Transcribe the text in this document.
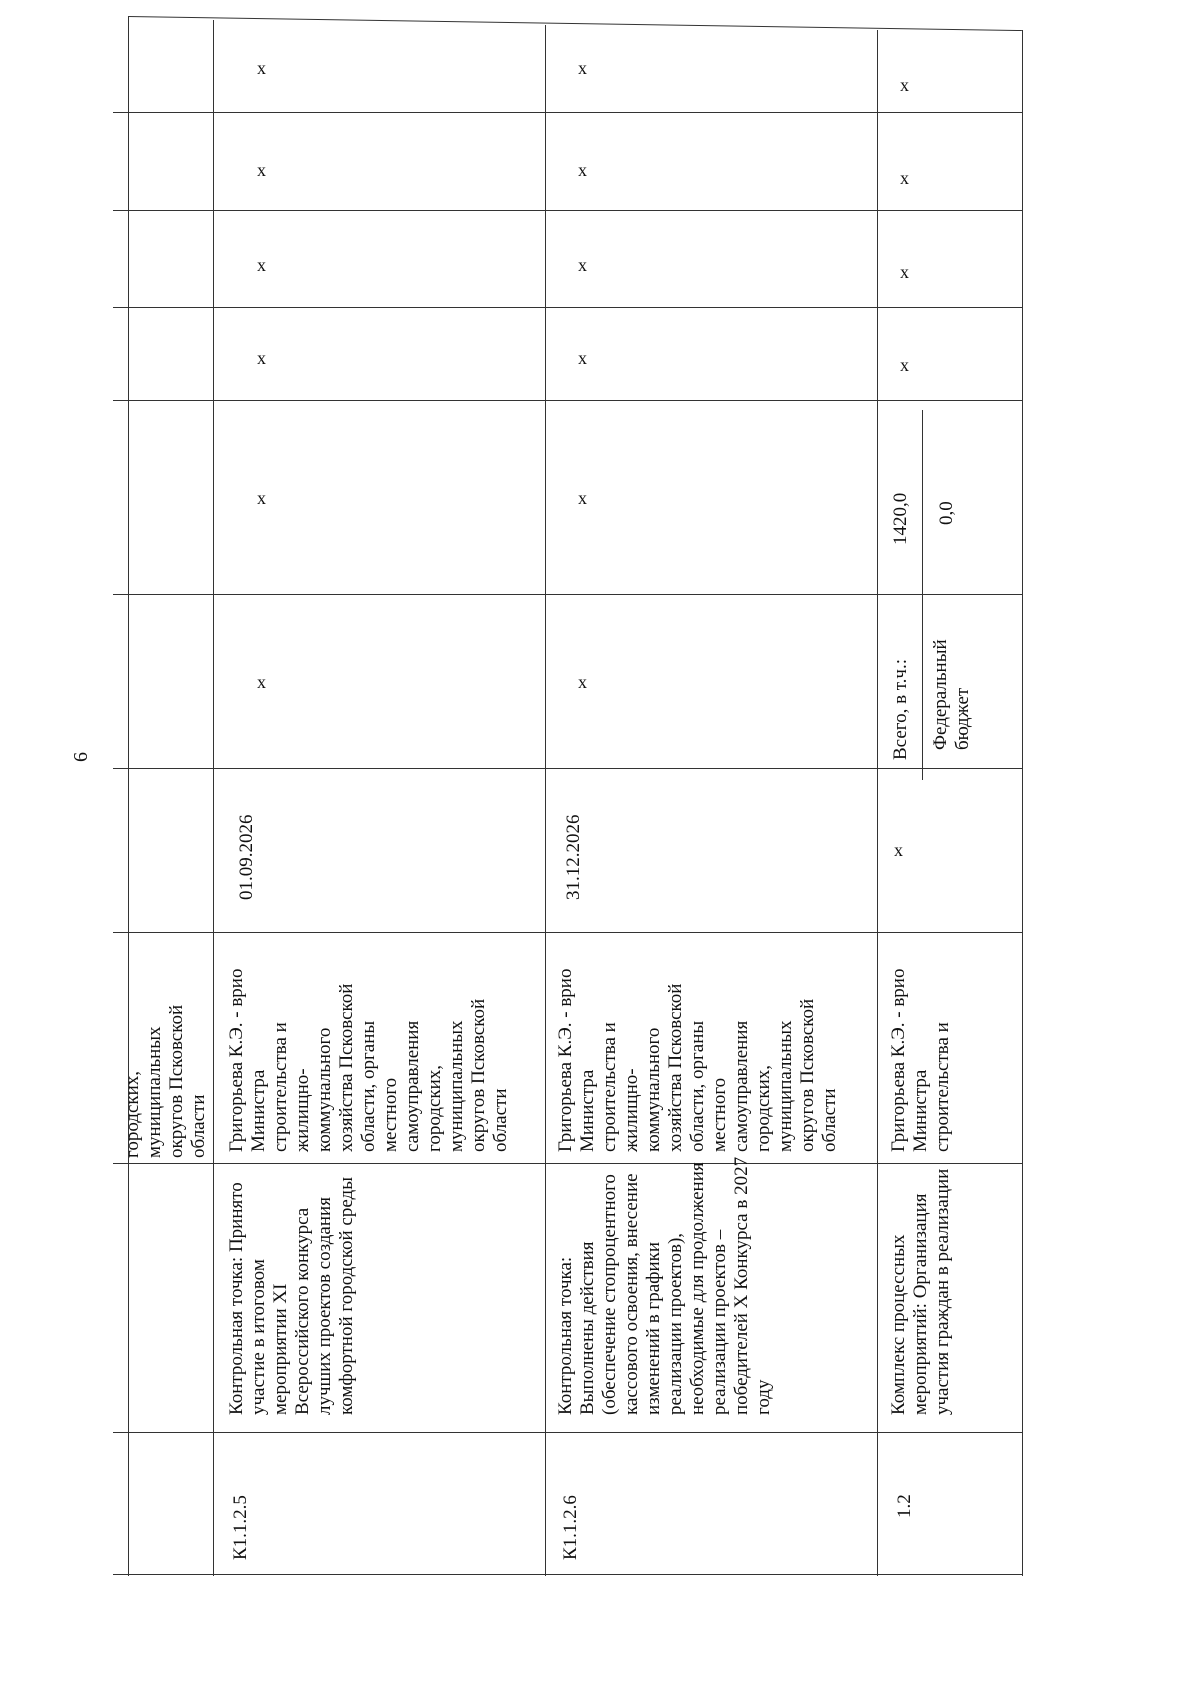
6
городских,
муниципальных
округов Псковской
области
К1.1.2.5
Контрольная точка: Принято
участие в итоговом
мероприятии XI
Всероссийского конкурса
лучших проектов создания
комфортной городской среды
Григорьева К.Э. - врио
Министра
строительства и
жилищно-
коммунального
хозяйства Псковской
области, органы
местного
самоуправления
городских,
муниципальных
округов Псковской
области
01.09.2026
x
x
x
x
x
x
К1.1.2.6
Контрольная точка:
Выполнены действия
(обеспечение стопроцентного
кассового освоения, внесение
изменений в графики
реализации проектов),
необходимые для продолжения
реализации проектов –
победителей X Конкурса в 2027
году
Григорьева К.Э. - врио
Министра
строительства и
жилищно-
коммунального
хозяйства Псковской
области, органы
местного
самоуправления
городских,
муниципальных
округов Псковской
области
31.12.2026
x
x
x
x
x
x
1.2
Комплекс процессных
мероприятий: Организация
участия граждан в реализации
Григорьева К.Э. - врио
Министра
строительства и
x
Всего, в т.ч.: Федеральный
бюджет
1420,0 0,0
x
x
x
x
